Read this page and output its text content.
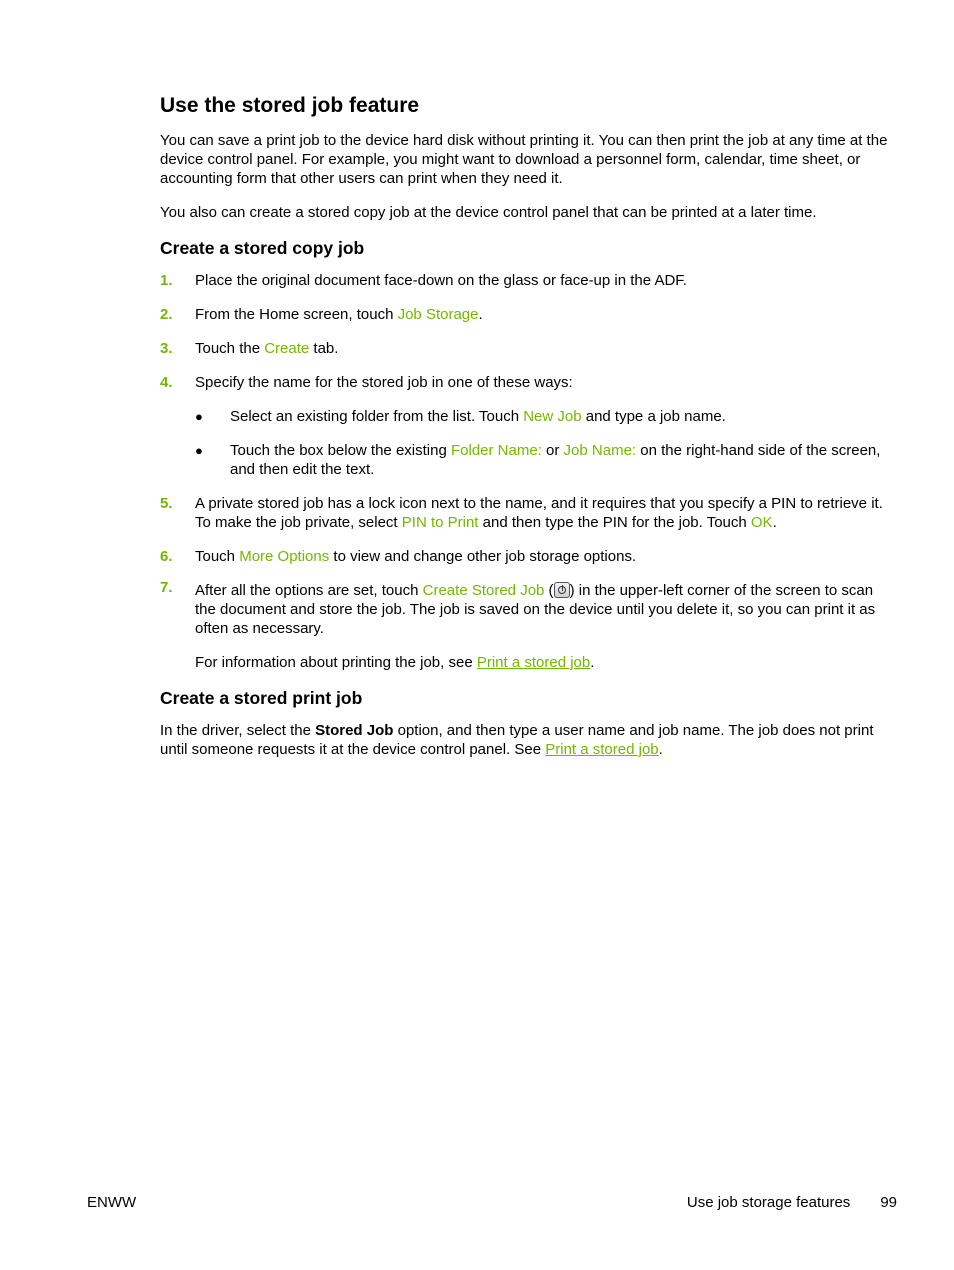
Use the stored job feature

You can save a print job to the device hard disk without printing it. You can then print the job at any time at the device control panel. For example, you might want to download a personnel form, calendar, time sheet, or accounting form that other users can print when they need it.

You also can create a stored copy job at the device control panel that can be printed at a later time.

Create a stored copy job
1. Place the original document face-down on the glass or face-up in the ADF.
2. From the Home screen, touch Job Storage.
3. Touch the Create tab.
4. Specify the name for the stored job in one of these ways:
● Select an existing folder from the list. Touch New Job and type a job name.
● Touch the box below the existing Folder Name: or Job Name: on the right-hand side of the screen, and then edit the text.
5. A private stored job has a lock icon next to the name, and it requires that you specify a PIN to retrieve it. To make the job private, select PIN to Print and then type the PIN for the job. Touch OK.
6. Touch More Options to view and change other job storage options.
7. After all the options are set, touch Create Stored Job ( ) in the upper-left corner of the screen to scan the document and store the job. The job is saved on the device until you delete it, so you can print it as often as necessary.
For information about printing the job, see Print a stored job.
Create a stored print job

In the driver, select the Stored Job option, and then type a user name and job name. The job does not print until someone requests it at the device control panel. See Print a stored job.

ENWW	Use job storage features 99
